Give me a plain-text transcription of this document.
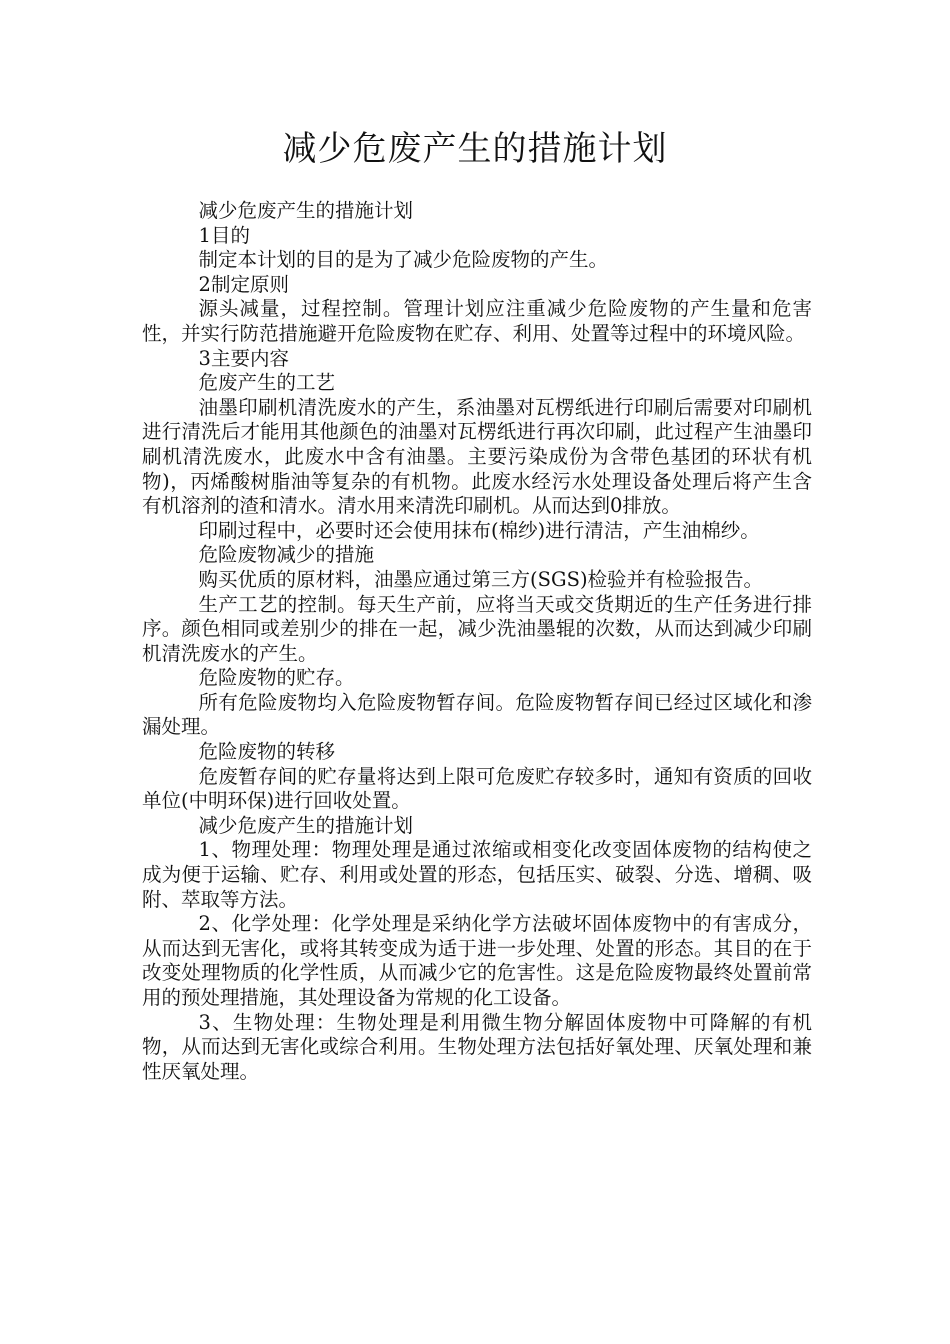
减少危废产生的措施计划

减少危废产生的措施计划

1目的

制定本计划的目的是为了减少危险废物的产生。

2制定原则

源头减量，过程控制。管理计划应注重减少危险废物的产生量和危害性，并实行防范措施避开危险废物在贮存、利用、处置等过程中的环境风险。

3主要内容

危废产生的工艺

油墨印刷机清洗废水的产生，系油墨对瓦楞纸进行印刷后需要对印刷机进行清洗后才能用其他颜色的油墨对瓦楞纸进行再次印刷，此过程产生油墨印刷机清洗废水，此废水中含有油墨。主要污染成份为含带色基团的环状有机物)，丙烯酸树脂油等复杂的有机物。此废水经污水处理设备处理后将产生含有机溶剂的渣和清水。清水用来清洗印刷机。从而达到0排放。

印刷过程中，必要时还会使用抹布(棉纱)进行清洁，产生油棉纱。

危险废物减少的措施

购买优质的原材料，油墨应通过第三方(SGS)检验并有检验报告。

生产工艺的控制。每天生产前，应将当天或交货期近的生产任务进行排序。颜色相同或差别少的排在一起，减少洗油墨辊的次数，从而达到减少印刷机清洗废水的产生。

危险废物的贮存。

所有危险废物均入危险废物暂存间。危险废物暂存间已经过区域化和渗漏处理。

危险废物的转移

危废暂存间的贮存量将达到上限可危废贮存较多时，通知有资质的回收单位(中明环保)进行回收处置。

减少危废产生的措施计划

1、物理处理：物理处理是通过浓缩或相变化改变固体废物的结构使之成为便于运输、贮存、利用或处置的形态，包括压实、破裂、分选、增稠、吸附、萃取等方法。

2、化学处理：化学处理是采纳化学方法破坏固体废物中的有害成分，从而达到无害化，或将其转变成为适于进一步处理、处置的形态。其目的在于改变处理物质的化学性质，从而减少它的危害性。这是危险废物最终处置前常用的预处理措施，其处理设备为常规的化工设备。

3、生物处理：生物处理是利用微生物分解固体废物中可降解的有机物，从而达到无害化或综合利用。生物处理方法包括好氧处理、厌氧处理和兼性厌氧处理。
